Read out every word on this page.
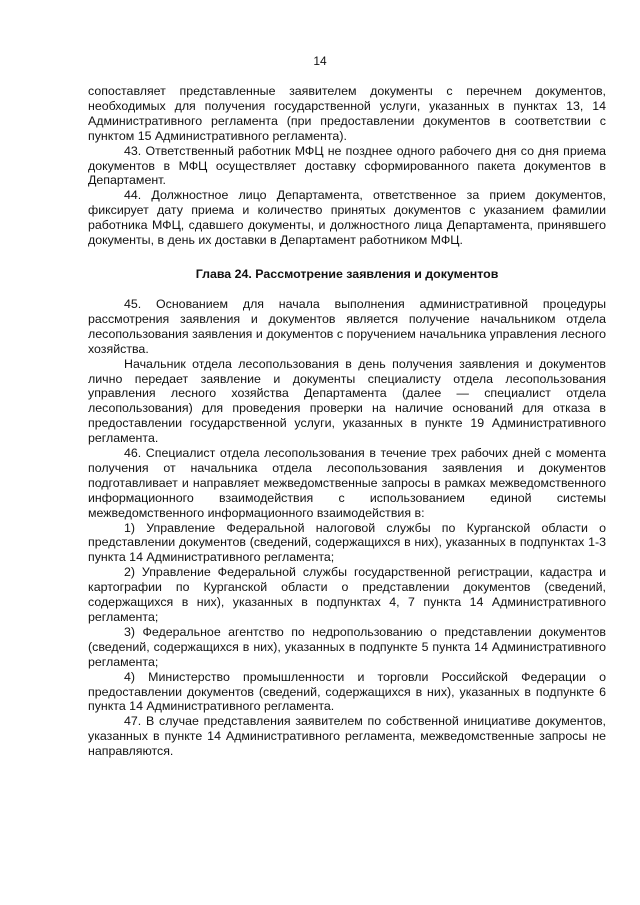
14

сопоставляет представленные заявителем документы с перечнем документов, необходимых для получения государственной услуги, указанных в пунктах 13, 14 Административного регламента (при предоставлении документов в соответствии с пунктом 15 Административного регламента).

43. Ответственный работник МФЦ не позднее одного рабочего дня со дня приема документов в МФЦ осуществляет доставку сформированного пакета документов в Департамент.

44. Должностное лицо Департамента, ответственное за прием документов, фиксирует дату приема и количество принятых документов с указанием фамилии работника МФЦ, сдавшего документы, и должностного лица Департамента, принявшего документы, в день их доставки в Департамент работником МФЦ.

Глава 24. Рассмотрение заявления и документов

45. Основанием для начала выполнения административной процедуры рассмотрения заявления и документов является получение начальником отдела лесопользования заявления и документов с поручением начальника управления лесного хозяйства.

Начальник отдела лесопользования в день получения заявления и документов лично передает заявление и документы специалисту отдела лесопользования управления лесного хозяйства Департамента (далее — специалист отдела лесопользования) для проведения проверки на наличие оснований для отказа в предоставлении государственной услуги, указанных в пункте 19 Административного регламента.

46. Специалист отдела лесопользования в течение трех рабочих дней с момента получения от начальника отдела лесопользования заявления и документов подготавливает и направляет межведомственные запросы в рамках межведомственного информационного взаимодействия с использованием единой системы межведомственного информационного взаимодействия в:

1) Управление Федеральной налоговой службы по Курганской области о представлении документов (сведений, содержащихся в них), указанных в подпунктах 1-3 пункта 14 Административного регламента;

2) Управление Федеральной службы государственной регистрации, кадастра и картографии по Курганской области о представлении документов (сведений, содержащихся в них), указанных в подпунктах 4, 7 пункта 14 Административного регламента;

3) Федеральное агентство по недропользованию о представлении документов (сведений, содержащихся в них), указанных в подпункте 5 пункта 14 Административного регламента;

4) Министерство промышленности и торговли Российской Федерации о предоставлении документов (сведений, содержащихся в них), указанных в подпункте 6 пункта 14 Административного регламента.

47. В случае представления заявителем по собственной инициативе документов, указанных в пункте 14 Административного регламента, межведомственные запросы не направляются.
